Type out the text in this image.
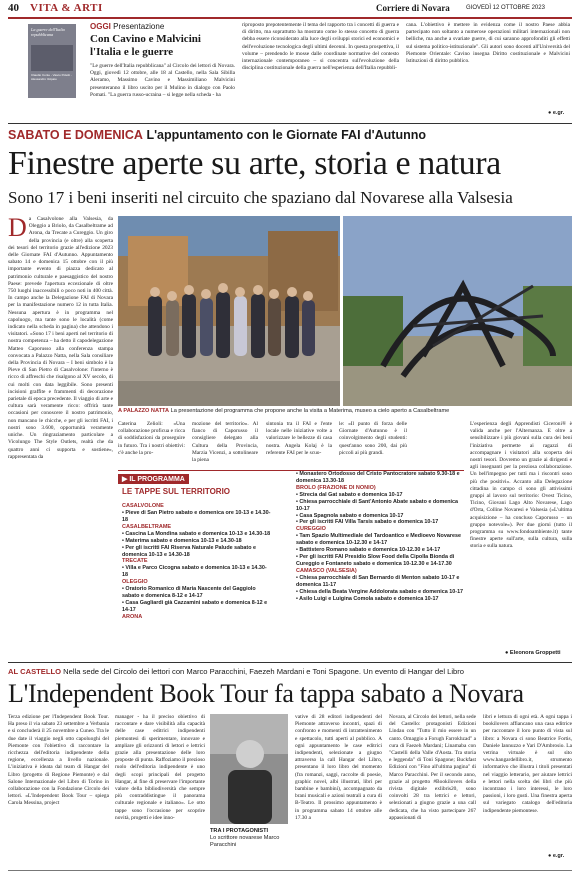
40 VITA & ARTI	Corriere di Novara	GIOVEDÌ 12 OTTOBRE 2023
La guerre dell'Italia repubblicana
Claudio Conte - Vasco Poletti - Alessandro Volpato
OGGI Presentazione
Con Cavino e Malvicini
l'Italia e le guerre
"Le guerre dell'Italia repubblicana" al Circolo dei lettori di Novara. Oggi, giovedì 12 ottobre, alle 18 al Castello, nella Sala Sibilla Aleramo, Massimo Cavino e Massimiliano Malvicini presenteranno il libro uscito per il Mulino in dialogo con Paolo Pomati. "La guerra russo-ucraina – si legge nella scheda - ha
riproposto prepotentemente il tema del rapporto tra i concetti di guerra e di diritto, ma soprattutto ha mostrato come lo stesso concetto di guerra debba essere riconsiderato alla luce degli sviluppi storici ed economici e dell'evoluzione tecnologica degli ultimi decenni. In questa prospettiva, il volume – prendendo le mosse dalle coordinate normative del contesto internazionale contemporaneo – si concentra sull'evoluzione della disciplina costituzionale della guerra nell'esperienza dell'Italia repubbli-
cana. L'obiettivo è mettere in evidenza come il nostro Paese abbia partecipato non soltanto a numerose operazioni militari internazionali non belliche, ma anche a svariate guerre, di cui saranno approfonditi gli effetti sul sistema politico-istituzionale". Gli autori sono docenti all'Università del Piemonte Orientale: Cavino insegna Diritto costituzionale e Malvicini Istituzioni di diritto pubblico.
● e.gr.
SABATO E DOMENICA L'appuntamento con le Giornate FAI d'Autunno
Finestre aperte su arte, storia e natura
Sono 17 i beni inseriti nel circuito che spaziano dal Novarese alla Valsesia
Da Casalvolone alla Valsesia, da Oleggio a Briolo, da Casalbeltrame ad Arona, da Trecate a Cureggio. Un giro della provincia (e oltre) alla scoperta dei tesori del territorio grazie all'edizione 2023 delle Giornate FAI d'Autunno. Appuntamento sabato 14 e domenica 15 ottobre con il più importante evento di piazza dedicato al patrimonio culturale e paesaggistico del nostro Paese: prevede l'apertura eccezionale di oltre 750 luoghi inaccessibili o poco noti in 400 città. In campo anche la Delegazione FAI di Novara per la manifestazione numero 12 in tutta Italia. Nessuna apertura è in programma nel capoluogo, ma tante sono le località (come indicato nella scheda in pagina) che attendono i visitatori. «Sono 17 i beni aperti nel territorio di nostra competenza – ha detto il capodelegazione Matteo Caporusso alla conferenza stampa convocata a Palazzo Natta, nella Sala consiliare della Provincia di Novara – I beni simbolo è la Pieve di San Pietro di Casalvolone: l'interno è ricco di affreschi che risalgono al XV secolo, di cui molti con data leggibile. Sono presenti incisioni graffite e frammenti di decorazione parietale di epoca precedente. Il viaggio di arte e cultura sarà veramente ricco: offrirà tante occasioni per conoscere il nostro patrimonio, non mancano le chicche, e per gli iscritti FAI, i nostri sono 3.600, opportunità veramente uniche. Un ringraziamento particolare a Vicolungo The Style Outlets, realtà che da quattro anni ci supporta e sostiene», rappresentata da
A PALAZZO NATTA La presentazione del programma che propone anche la visita a Materima, museo a cielo aperto a Casalbeltrame
Caterina Zelioli: «Una collaborazione proficua e ricca di soddisfazioni da proseguire in futuro. Tra i nostri obiettivi: c'è anche la pro-
mozione del territorio». Al fianco di Caporusso il consigliere delegato alla Cultura della Provincia, Marzia Vicenzi, a sottolineare la piena
sintonia tra il FAI e l'ente locale nelle iniziative volte a valorizzare le bellezze di casa nostra. Angela Kolaj è la referente FAI per le scuo-
le: «Il punto di forza delle Giornate d'Autunno è il coinvolgimento degli studenti: quest'anno sono 200, dai più piccoli ai più grandi.
L'esperienza degli Apprendisti Ciceroni® è valida anche per l'Alternanza. E oltre a sensibilizzare i più giovani sulla cura dei beni l'iniziativa permette ai ragazzi di accompagnare i visitatori alla scoperta dei nostri tesori. Dovremo un grazie ai dirigenti e agli insegnanti per la preziosa collaborazione. Un bell'impegno per tutti ma i riscontri sono più che positivi». Accanto alla Delegazione cittadina in campo ci sono gli attivissimi gruppi al lavoro sul territorio: Ovest Ticino, Ticino, Giovani Lago Alto Novarese, Lago d'Orta, Colline Novaresi e Valsesia («L'ultima acquisizione – ha concluso Caporusso – un gruppo notevole»). Per due giorni (tutto il programma su www.fondoambiente.it) tante finestre aperte sull'arte, sulla cultura, sulla storia e sulla natura.
● Eleonora Groppetti
▶ IL PROGRAMMA
LE TAPPE SUL TERRITORIO
CASALVOLONE
• Pieve di San Pietro sabato e domenica ore 10-13 e 14.30-18
CASALBELTRAME
• Cascina La Mondina sabato e domenica 10-13 e 14.30-18
• Materima sabato e domenica 10-13 e 14.30-18
• Per gli iscritti FAI Riserva Naturale Palude sabato e domenica 10-13 e 14.30-18
TRECATE
• Villa e Parco Cicogna sabato e domenica 10-13 e 14.30-18
OLEGGIO
• Oratorio Romanico di Maria Nascente del Gaggiolo sabato e domenica 8-12 e 14-17
• Casa Gagliardi già Cazzamini sabato e domenica 8-12 e 14-17
ARONA
• Monastero Ortodosso del Cristo Pantocratore sabato 9.30-18 e domenica 13.30-18
BROLO (FRAZIONE DI NONIO)
• Strecia dal Gat sabato e domenica 10-17
• Chiesa parrocchiale di Sant'Antonio Abate sabato e domenica 10-17
• Casa Spagnola sabato e domenica 10-17
• Per gli iscritti FAI Villa Tarsis sabato e domenica 10-17
CUREGGIO
• Tam Spazio Multimediale del Tardoantico e Medioevo Novarese sabato e domenica 10-12.30 e 14-17
• Battistero Romano sabato e domenica 10-12.30 e 14-17
• Per gli iscritti FAI Presidio Slow Food della Cipolla Bionda di Cureggio e Fontaneto sabato e domenica 10-12.30 e 14-17.30
CAMASCO (VALSESIA)
• Chiesa parrocchiale di San Bernardo di Menton sabato 10-17 e domenica 11-17
• Chiesa della Beata Vergine Addolorata sabato e domenica 10-17
• Asilo Luigi e Luigina Comola sabato e domenica 10-17
AL CASTELLO Nella sede del Circolo dei lettori con Marco Paracchini, Faezeh Mardani e Toni Spagone. Un evento di Hangar del Libro
L'Independent Book Tour fa tappa sabato a Novara
Terza edizione per l'Independent Book Tour. Ha preso il via sabato 23 settembre a Verbania e si concluderà il 25 novembre a Cuneo. Tra le due date il viaggio negli otto capoluoghi del Piemonte con l'obiettivo di raccontare la ricchezza dell'editoria indipendente della regione, eccellenza a livello nazionale. L'iniziativa è ideata dal team di Hangar del Libro (progetto di Regione Piemonte) e dal Salone Internazionale del Libro di Torino in collaborazione con la Fondazione Circolo dei lettori. «L'Independent Book Tour – spiega Carola Messina, project
manager - ha il preciso obiettivo di raccontare e dare visibilità alla capacità delle case editrici indipendenti piemontesi di sperimentare, innovare e ampliare gli orizzonti di lettori e lettrici grazie alla presentazione delle loro proposte di punta. Raffoziamo il prezioso ruolo dell'editoria indipendente è uno degli scopi principali del progetto Hangar, al fine di preservare l'importante valore della bibliodiversità che sempre più contraddistingue il panorama culturale regionale e italiano». Le otto tappe sono l'occasione per scoprire novità, progetti e idee inno-
TRA I PROTAGONISTI
Lo scrittore novarese Marco Paracchini
vative di 28 editori indipendenti del Piemonte attraverso incontri, spazi di confronto e momenti di intrattenimento e spettacolo, tutti aperti al pubblico. A ogni appuntamento le case editrici indipendenti, selezionate a giugno attraverso la call Hangar del Libro, presentano il loro libro del momento (fra romanzi, saggi, raccolte di poesie, graphic novel, albi illustrati, libri per bambine e bambini), accompagnato da brani musicali e azioni teatrali a cura di B-Teatro. Il prossimo appuntamento è in programma sabato 14 ottobre alle 17.30 a
Novara, al Circolo dei lettori, nella sede del Castello: protagonisti Edizioni Lindau con "Tutto il mio essere in un canto. Omaggio a Forugh Farrokhzad" a cura di Faezeh Mardani; Linamaba con "Castelli della Valle d'Aosta. Tra storia e leggenda" di Toni Spagone; Buckfast Edizioni con "Fino all'ultima pagina" di Marco Paracchini. Per il secondo anno, grazie al progetto #Bookilovers della rivista digitale exlibris20, sono coinvolti 28 tra lettrici e lettori, selezionati a giugno grazie a una call dedicata, che ha visto partecipare 267 appassionati di
libri e lettura di ogni età. A ogni tappa i bookilovers affiancano una casa editrice per raccontare il loro punto di vista sul libro: a Novara ci sono Beatrice Fortis, Daniele Iannuzzo e Yari D'Ambrosio. La vetrina virtuale è sul sito www.hangardellibro.it, strumento informativo che illustra i titoli presentati nel viaggio letterario, per aiutare lettrici e lettori nella scelta dei libri che più incontrano i loro interessi, le loro passioni, i loro gusti. Una finestra aperta sul variegato catalogo dell'editoria indipendente piemontese.
● e.gr.
